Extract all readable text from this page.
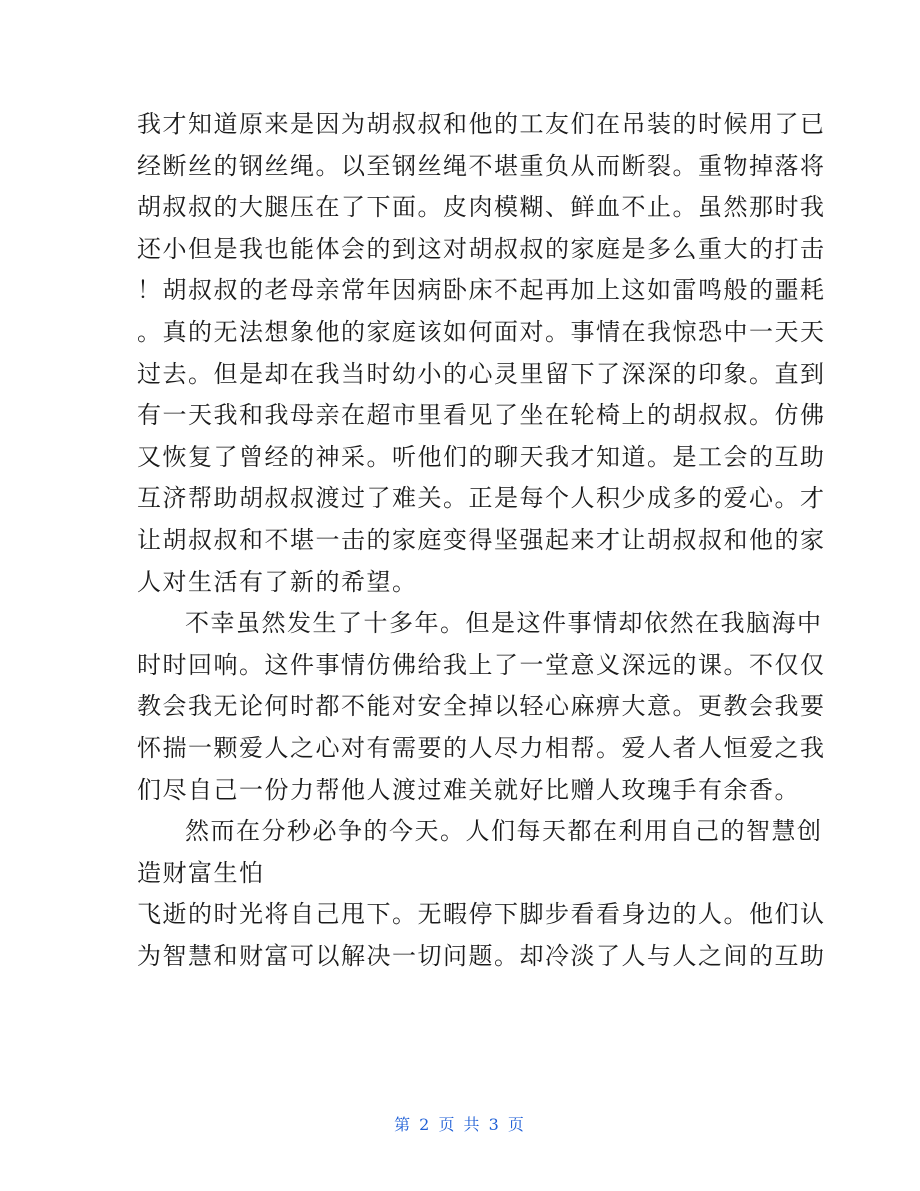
我才知道原来是因为胡叔叔和他的工友们在吊装的时候用了已
经断丝的钢丝绳。以至钢丝绳不堪重负从而断裂。重物掉落将
胡叔叔的大腿压在了下面。皮肉模糊、鲜血不止。虽然那时我
还小但是我也能体会的到这对胡叔叔的家庭是多么重大的打击
！胡叔叔的老母亲常年因病卧床不起再加上这如雷鸣般的噩耗
。真的无法想象他的家庭该如何面对。事情在我惊恐中一天天
过去。但是却在我当时幼小的心灵里留下了深深的印象。直到
有一天我和我母亲在超市里看见了坐在轮椅上的胡叔叔。仿佛
又恢复了曾经的神采。听他们的聊天我才知道。是工会的互助
互济帮助胡叔叔渡过了难关。正是每个人积少成多的爱心。才
让胡叔叔和不堪一击的家庭变得坚强起来才让胡叔叔和他的家
人对生活有了新的希望。
不幸虽然发生了十多年。但是这件事情却依然在我脑海中
时时回响。这件事情仿佛给我上了一堂意义深远的课。不仅仅
教会我无论何时都不能对安全掉以轻心麻痹大意。更教会我要
怀揣一颗爱人之心对有需要的人尽力相帮。爱人者人恒爱之我
们尽自己一份力帮他人渡过难关就好比赠人玫瑰手有余香。
然而在分秒必争的今天。人们每天都在利用自己的智慧创
造财富生怕
飞逝的时光将自己甩下。无暇停下脚步看看身边的人。他们认
为智慧和财富可以解决一切问题。却冷淡了人与人之间的互助
第 2 页 共 3 页
